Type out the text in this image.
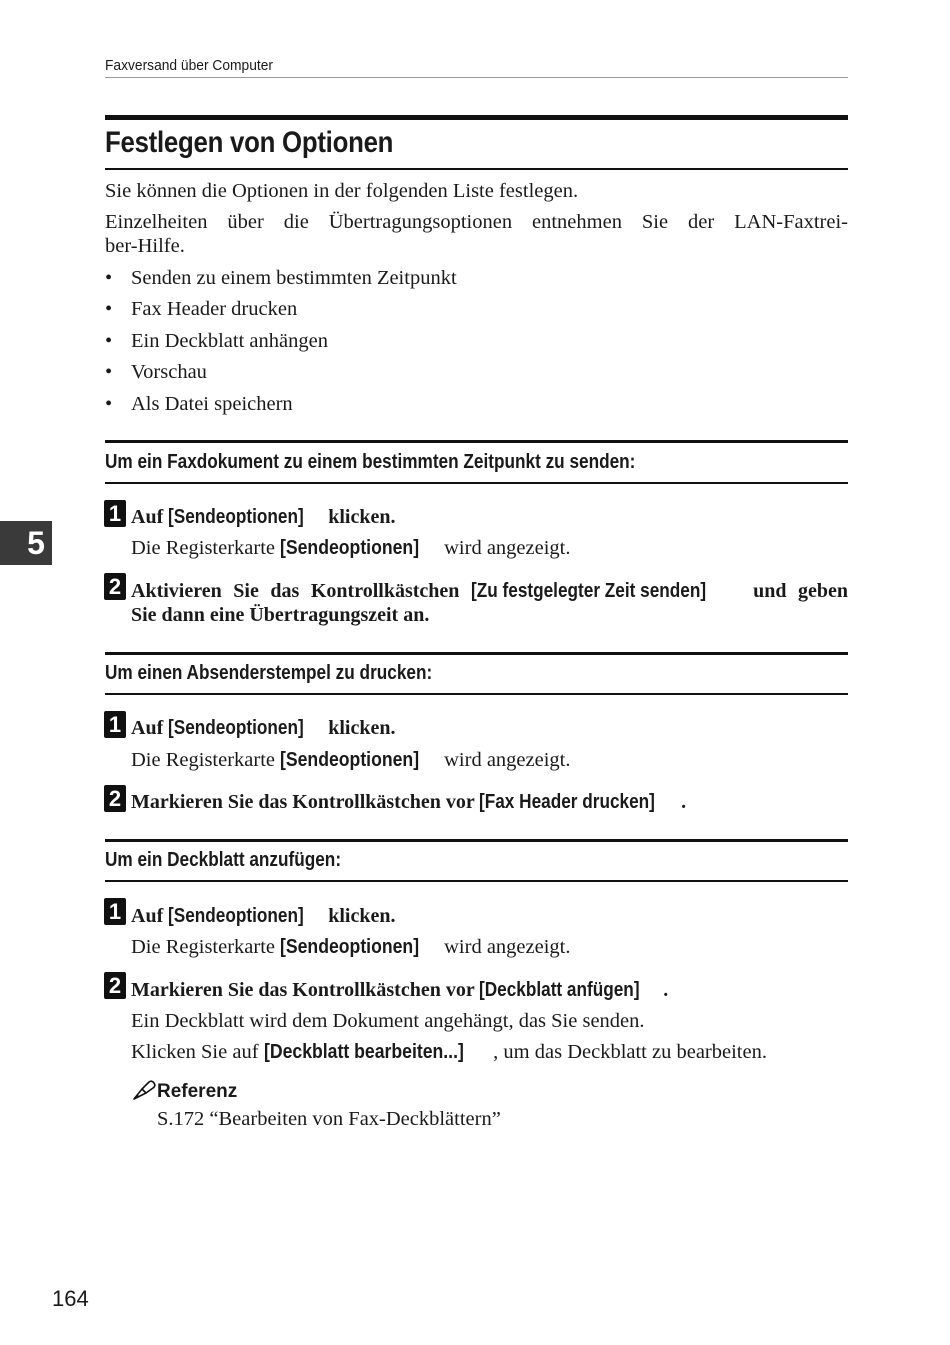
Faxversand über Computer
Festlegen von Optionen
Sie können die Optionen in der folgenden Liste festlegen.
Einzelheiten über die Übertragungsoptionen entnehmen Sie der LAN-Faxtrei-
ber-Hilfe.
• Senden zu einem bestimmten Zeitpunkt
• Fax Header drucken
• Ein Deckblatt anhängen
• Vorschau
• Als Datei speichern
Um ein Faxdokument zu einem bestimmten Zeitpunkt zu senden:
1 Auf [Sendeoptionen] klicken.
Die Registerkarte [Sendeoptionen] wird angezeigt.
2 Aktivieren Sie das Kontrollkästchen [Zu festgelegter Zeit senden] und geben
Sie dann eine Übertragungszeit an.
Um einen Absenderstempel zu drucken:
1 Auf [Sendeoptionen] klicken.
Die Registerkarte [Sendeoptionen] wird angezeigt.
2 Markieren Sie das Kontrollkästchen vor [Fax Header drucken] .
Um ein Deckblatt anzufügen:
1 Auf [Sendeoptionen] klicken.
Die Registerkarte [Sendeoptionen] wird angezeigt.
2 Markieren Sie das Kontrollkästchen vor [Deckblatt anfügen] .
Ein Deckblatt wird dem Dokument angehängt, das Sie senden.
Klicken Sie auf [Deckblatt bearbeiten...] , um das Deckblatt zu bearbeiten.
Referenz
S.172 “Bearbeiten von Fax-Deckblättern”
5
164
